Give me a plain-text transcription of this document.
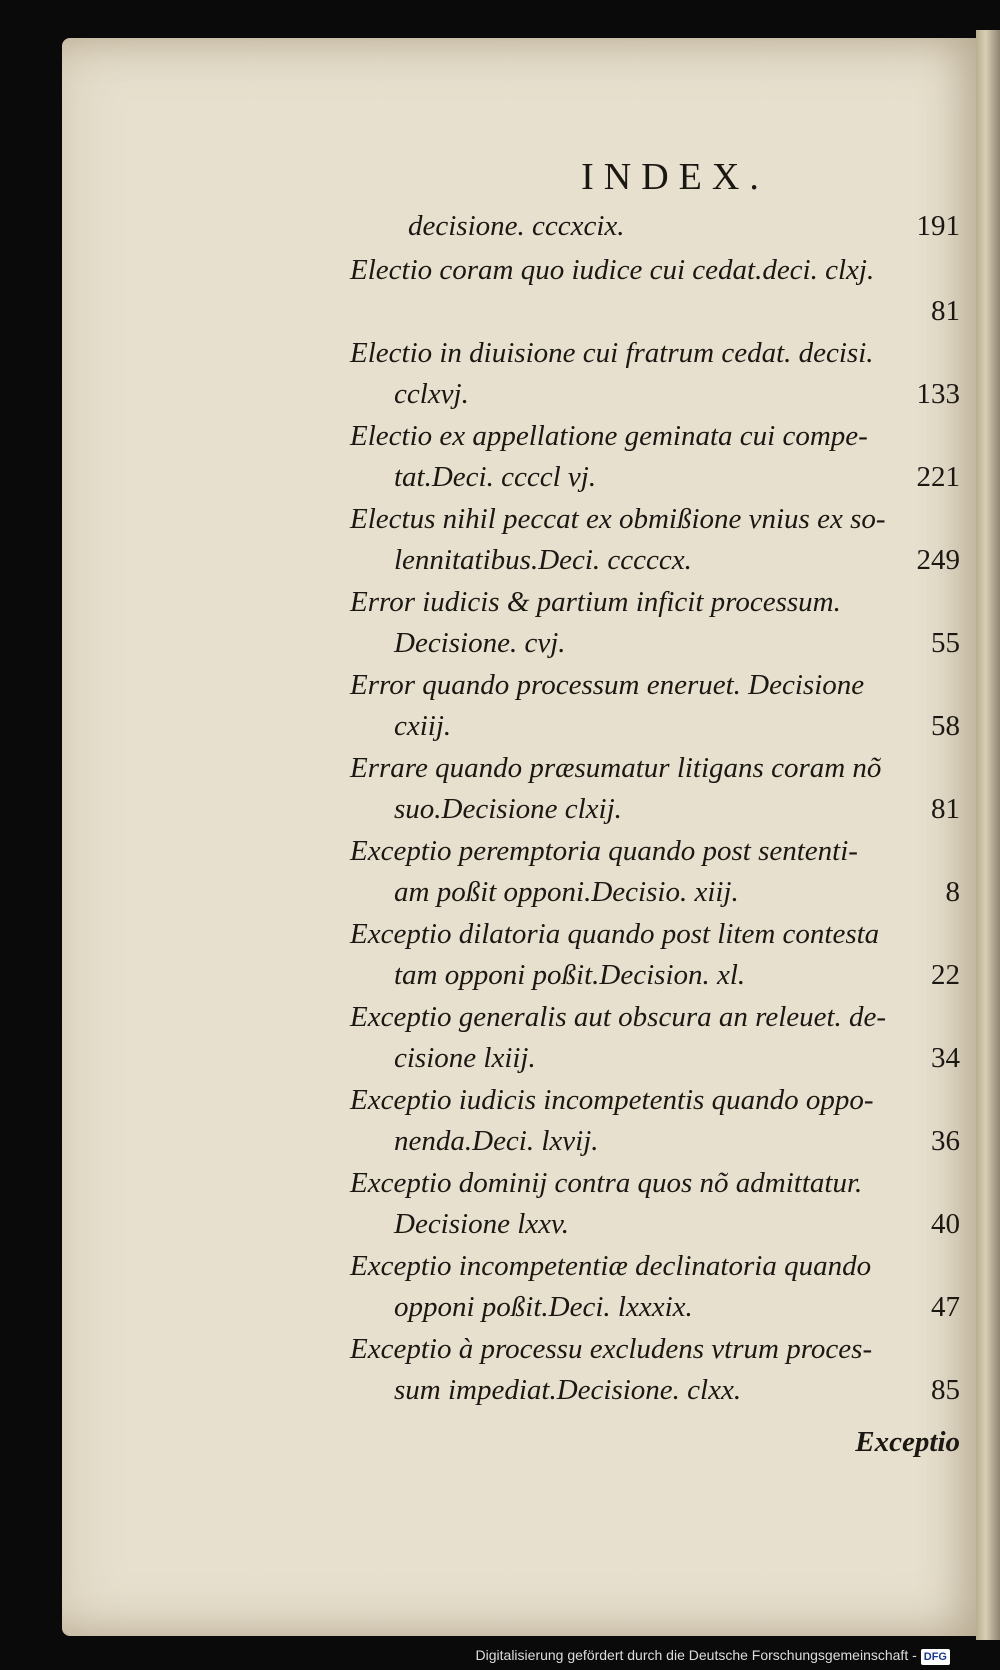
INDEX.
decisione. cccxcix.	191
Electio coram quo iudice cui cedat.deci. clxj.
81
Electio in diuisione cui fratrum cedat. decisi.
cclxvj.	133
Electio ex appellatione geminata cui compe-
tat.Deci. ccccl vj.	221
Electus nihil peccat ex obmißione vnius ex so-
lennitatibus.Deci. cccccx.	249
Error iudicis & partium inficit processum.
Decisione. cvj.	55
Error quando processum eneruet. Decisione
cxiij.	58
Errare quando præsumatur litigans coram nõ
suo.Decisione clxij.	81
Exceptio peremptoria quando post sententi-
am poßit opponi.Decisio. xiij.	8
Exceptio dilatoria quando post litem contesta
tam opponi poßit.Decision. xl.	22
Exceptio generalis aut obscura an releuet. de-
cisione lxiij.	34
Exceptio iudicis incompetentis quando oppo-
nenda.Deci. lxvij.	36
Exceptio dominij contra quos nõ admittatur.
Decisione lxxv.	40
Exceptio incompetentiæ declinatoria quando
opponi poßit.Deci. lxxxix.	47
Exceptio à processu excludens vtrum proces-
sum impediat.Decisione. clxx.	85
Exceptio
Digitalisierung gefördert durch die Deutsche Forschungsgemeinschaft - DFG
